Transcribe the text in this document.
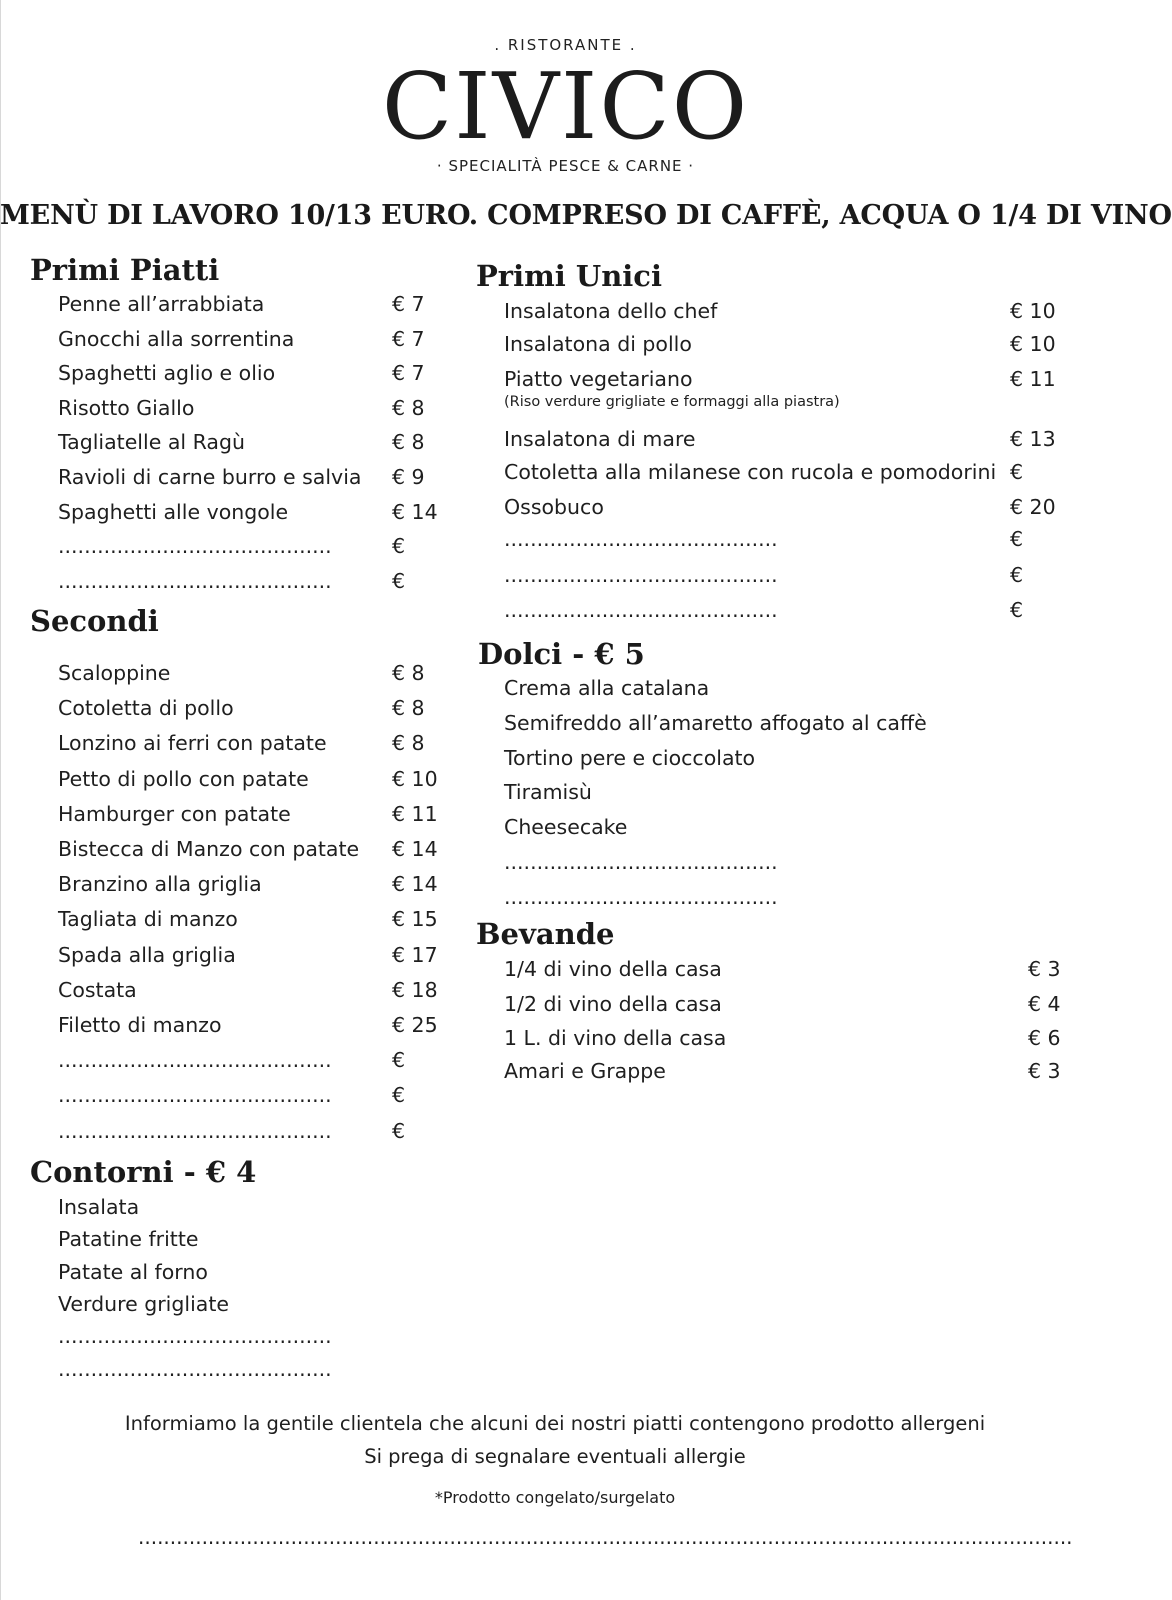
. RISTORANTE .
CIVICO
· SPECIALITÀ PESCE & CARNE ·
MENÙ DI LAVORO 10/13 EURO. COMPRESO DI CAFFÈ, ACQUA O 1/4 DI VINO
Primi Piatti
Penne all’arrabbiata	€ 7
Gnocchi alla sorrentina	€ 7
Spaghetti aglio e olio	€ 7
Risotto Giallo	€ 8
Tagliatelle al Ragù	€ 8
Ravioli di carne burro e salvia € 9
Spaghetti alle vongole	€ 14
..........................................	€
..........................................	€
Secondi
Scaloppine	€ 8
Cotoletta di pollo	€ 8
Lonzino ai ferri con patate	€ 8
Petto di pollo con patate	€ 10
Hamburger con patate	€ 11
Bistecca di Manzo con patate € 14
Branzino alla griglia	€ 14
Tagliata di manzo	€ 15
Spada alla griglia	€ 17
Costata	€ 18
Filetto di manzo	€ 25
..........................................	€
..........................................	€
..........................................	€
Contorni - € 4
Insalata
Patatine fritte
Patate al forno
Verdure grigliate
..........................................
..........................................
Primi Unici
Insalatona dello chef	€ 10
Insalatona di pollo	€ 10
Piatto vegetariano	€ 11
(Riso verdure grigliate e formaggi alla piastra)
Insalatona di mare	€ 13
Cotoletta alla milanese con rucola e pomodorini €
Ossobuco	€ 20
..........................................	€
..........................................	€
..........................................	€
Dolci - € 5
Crema alla catalana
Semifreddo all’amaretto affogato al caffè
Tortino pere e cioccolato
Tiramisù
Cheesecake
..........................................
..........................................
Bevande
1/4 di vino della casa	€ 3
1/2 di vino della casa	€ 4
1 L. di vino della casa	€ 6
Amari e Grappe	€ 3
Informiamo la gentile clientela che alcuni dei nostri piatti contengono prodotto allergeni
Si prega di segnalare eventuali allergie
*Prodotto congelato/surgelato
...................................................................................................................................................
